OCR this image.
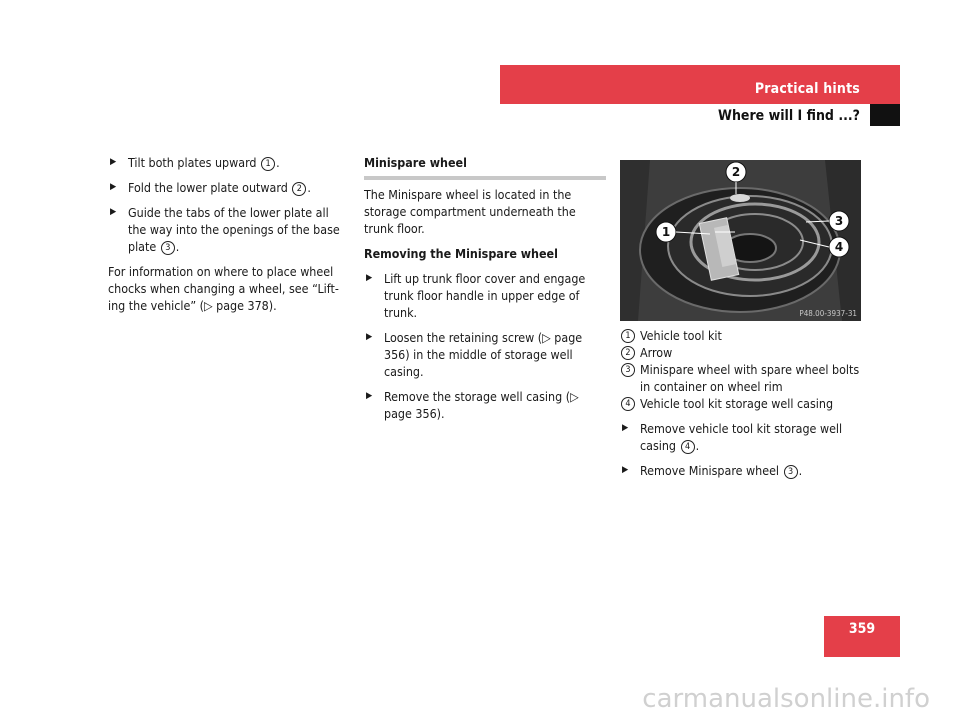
Practical hints
Where will I find ...?
▶ Tilt both plates upward 1 .
▶ Fold the lower plate outward 2 .
▶ Guide the tabs of the lower plate all the way into the openings of the base plate 3 .

For information on where to place wheel chocks when changing a wheel, see “Lift-ing the vehicle” (▷ page 378).

Minispare wheel

The Minispare wheel is located in the storage compartment underneath the trunk floor.

Removing the Minispare wheel
▶ Lift up trunk floor cover and engage trunk floor handle in upper edge of trunk.
▶ Loosen the retaining screw (▷ page 356) in the middle of storage well casing.
▶ Remove the storage well casing (▷ page 356).
1
2
3
4
P48.00-3937-31
1 Vehicle tool kit
2 Arrow
3 Minispare wheel with spare wheel bolts in container on wheel rim
4 Vehicle tool kit storage well casing
▶ Remove vehicle tool kit storage well casing 4 .
▶ Remove Minispare wheel 3 .
359
carmanualsonline.info
